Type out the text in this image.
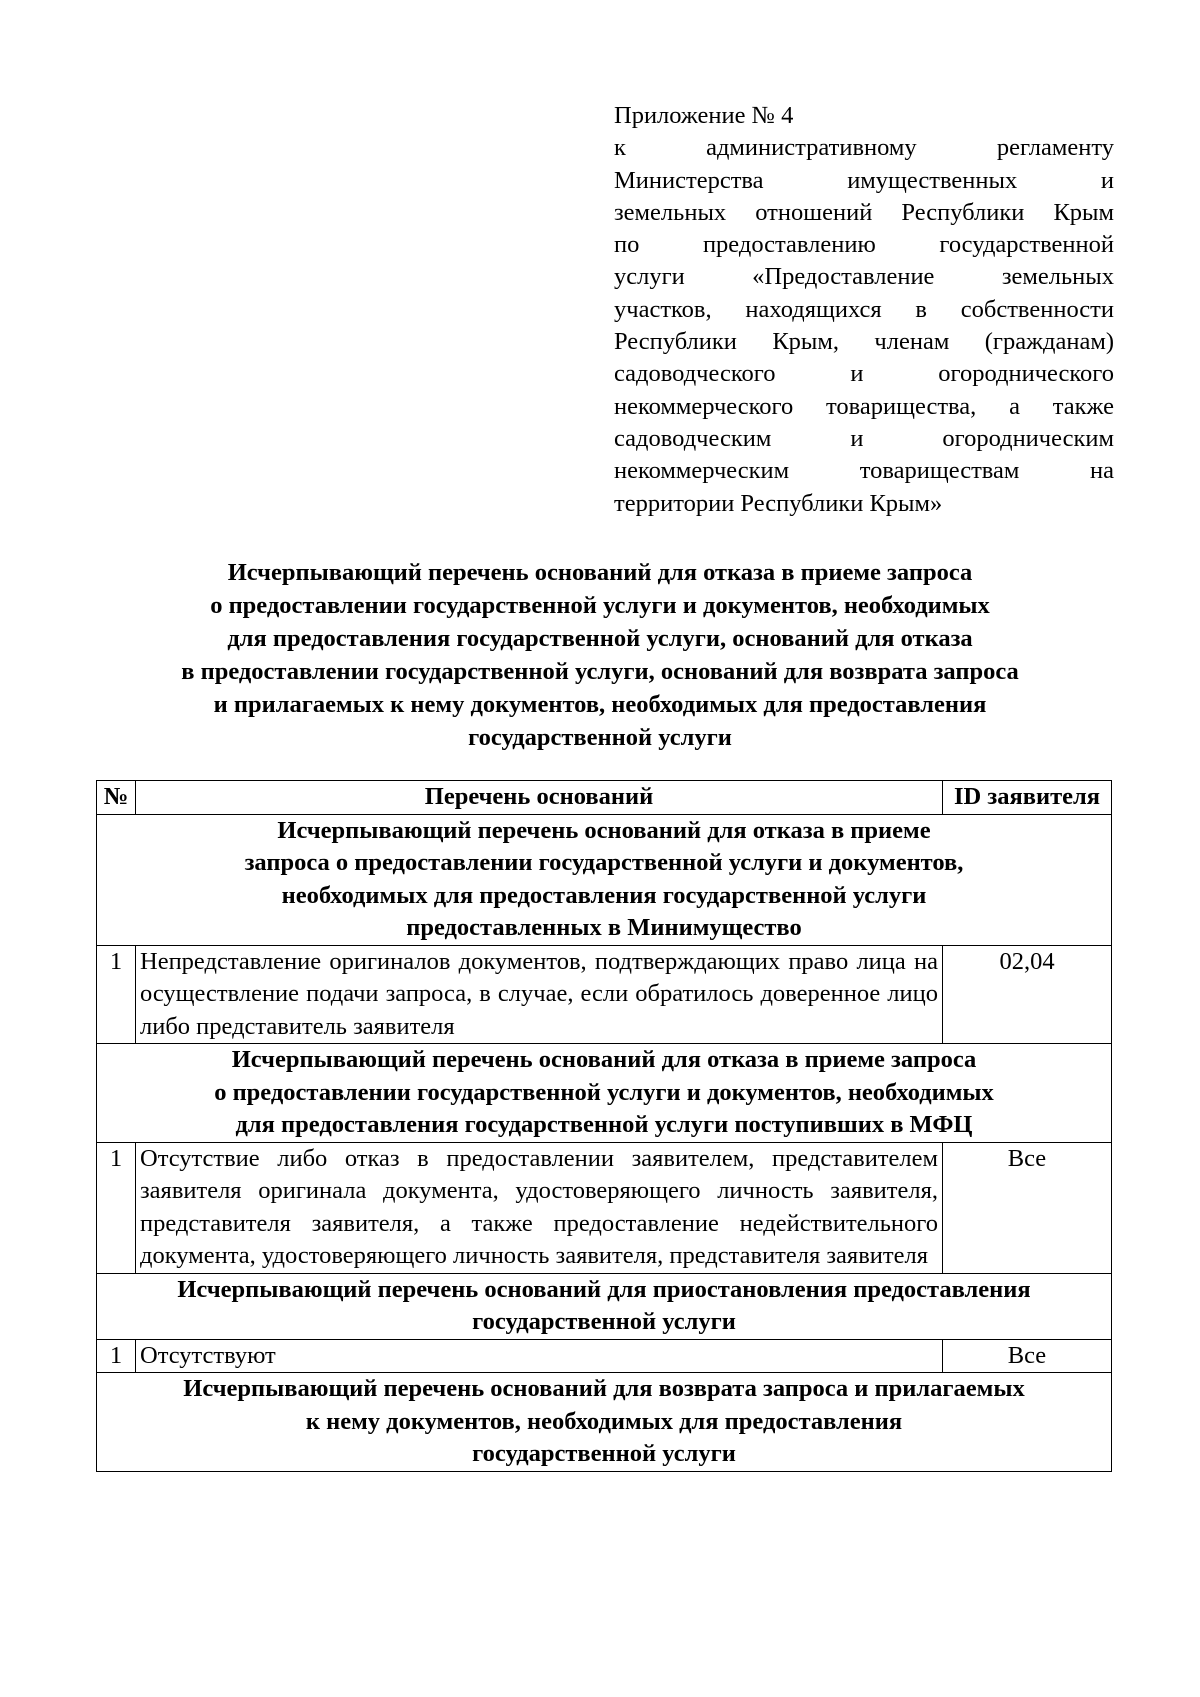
Приложение № 4
к административному регламенту
Министерства имущественных и
земельных отношений Республики Крым
по предоставлению государственной
услуги «Предоставление земельных
участков, находящихся в собственности
Республики Крым, членам (гражданам)
садоводческого и огороднического
некоммерческого товарищества, а также
садоводческим и огородническим
некоммерческим товариществам на
территории Республики Крым»
Исчерпывающий перечень оснований для отказа в приеме запроса
о предоставлении государственной услуги и документов, необходимых
для предоставления государственной услуги, оснований для отказа
в предоставлении государственной услуги, оснований для возврата запроса
и прилагаемых к нему документов, необходимых для предоставления
государственной услуги
№	Перечень оснований	ID заявителя

Исчерпывающий перечень оснований для отказа в приеме
запроса о предоставлении государственной услуги и документов,
необходимых для предоставления государственной услуги
предоставленных в Минимущество		

1	Непредставление оригиналов документов, подтверждающих право лица на осуществление подачи запроса, в случае, если обратилось доверенное лицо либо представитель заявителя	02,04

Исчерпывающий перечень оснований для отказа в приеме запроса
о предоставлении государственной услуги и документов, необходимых
для предоставления государственной услуги поступивших в МФЦ		

1	Отсутствие либо отказ в предоставлении заявителем, представителем заявителя оригинала документа, удостоверяющего личность заявителя, представителя заявителя, а также предоставление недействительного документа, удостоверяющего личность заявителя, представителя заявителя	Все

Исчерпывающий перечень оснований для приостановления предоставления
государственной услуги		

1	Отсутствуют	Все

Исчерпывающий перечень оснований для возврата запроса и прилагаемых
к нему документов, необходимых для предоставления
государственной услуги		
